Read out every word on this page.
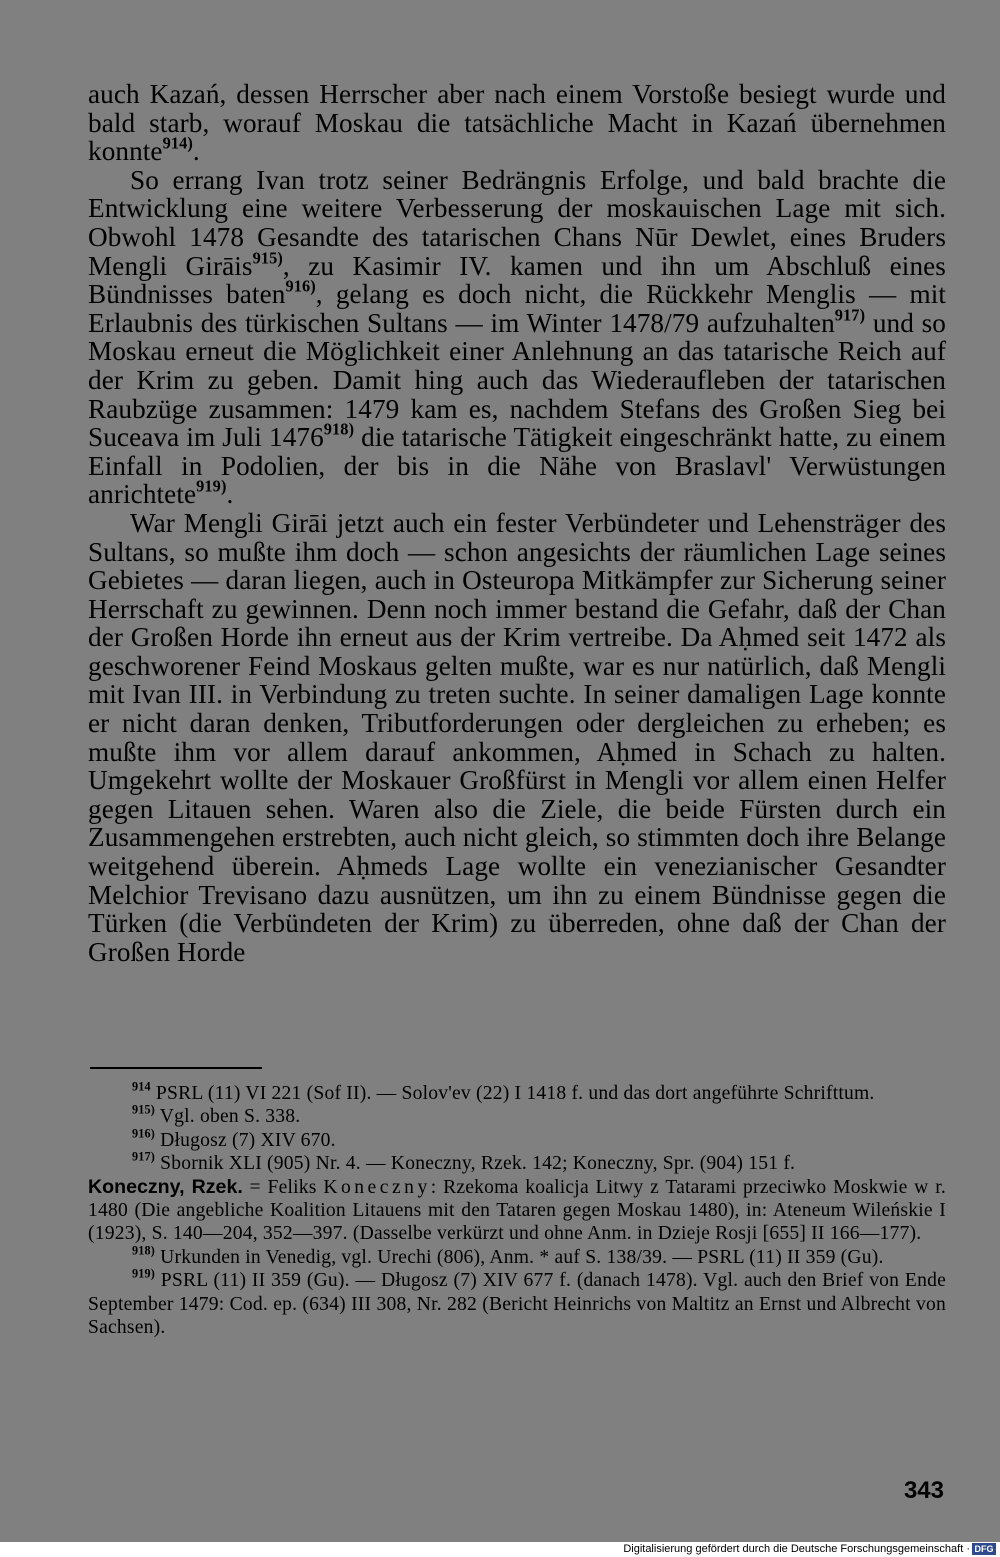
auch Kazań, dessen Herrscher aber nach einem Vorstoße besiegt wurde und bald starb, worauf Moskau die tatsächliche Macht in Kazań übernehmen konnte$^{914)}$.

So errang Ivan trotz seiner Bedrängnis Erfolge, und bald brachte die Entwicklung eine weitere Verbesserung der moskauischen Lage mit sich. Obwohl 1478 Gesandte des tatarischen Chans Nūr Dewlet, eines Bruders Mengli Girāis$^{915)}$, zu Kasimir IV. kamen und ihn um Abschluß eines Bündnisses baten$^{916)}$, gelang es doch nicht, die Rückkehr Menglis — mit Erlaubnis des türkischen Sultans — im Winter 1478/79 aufzuhalten$^{917)}$ und so Moskau erneut die Möglichkeit einer Anlehnung an das tatarische Reich auf der Krim zu geben. Damit hing auch das Wiederaufleben der tatarischen Raubzüge zusammen: 1479 kam es, nachdem Stefans des Großen Sieg bei Suceava im Juli 1476$^{918)}$ die tatarische Tätigkeit eingeschränkt hatte, zu einem Einfall in Podolien, der bis in die Nähe von Braslavl' Verwüstungen anrichtete$^{919)}$.

War Mengli Girāi jetzt auch ein fester Verbündeter und Lehensträger des Sultans, so mußte ihm doch — schon angesichts der räumlichen Lage seines Gebietes — daran liegen, auch in Osteuropa Mitkämpfer zur Sicherung seiner Herrschaft zu gewinnen. Denn noch immer bestand die Gefahr, daß der Chan der Großen Horde ihn erneut aus der Krim vertreibe. Da Aḥmed seit 1472 als geschworener Feind Moskaus gelten mußte, war es nur natürlich, daß Mengli mit Ivan III. in Verbindung zu treten suchte. In seiner damaligen Lage konnte er nicht daran denken, Tributforderungen oder dergleichen zu erheben; es mußte ihm vor allem darauf ankommen, Aḥmed in Schach zu halten. Umgekehrt wollte der Moskauer Großfürst in Mengli vor allem einen Helfer gegen Litauen sehen. Waren also die Ziele, die beide Fürsten durch ein Zusammengehen erstrebten, auch nicht gleich, so stimmten doch ihre Belange weitgehend überein. Aḥmeds Lage wollte ein venezianischer Gesandter Melchior Trevisano dazu ausnützen, um ihn zu einem Bündnisse gegen die Türken (die Verbündeten der Krim) zu überreden, ohne daß der Chan der Großen Horde

$^{914}$ PSRL (11) VI 221 (Sof II). — Solov'ev (22) I 1418 f. und das dort angeführte Schrifttum.

$^{915)}$ Vgl. oben S. 338.

$^{916)}$ Długosz (7) XIV 670.

$^{917)}$ Sbornik XLI (905) Nr. 4. — Koneczny, Rzek. 142; Koneczny, Spr. (904) 151 f.

Koneczny, Rzek. = Feliks Koneczny: Rzekoma koalicja Litwy z Tatarami przeciwko Moskwie w r. 1480 (Die angebliche Koalition Litauens mit den Tataren gegen Moskau 1480), in: Ateneum Wileńskie I (1923), S. 140—204, 352—397. (Dasselbe verkürzt und ohne Anm. in Dzieje Rosji [655] II 166—177).

$^{918)}$ Urkunden in Venedig, vgl. Urechi (806), Anm. * auf S. 138/39. — PSRL (11) II 359 (Gu).

$^{919)}$ PSRL (11) II 359 (Gu). — Długosz (7) XIV 677 f. (danach 1478). Vgl. auch den Brief von Ende September 1479: Cod. ep. (634) III 308, Nr. 282 (Bericht Heinrichs von Maltitz an Ernst und Albrecht von Sachsen).

343
Digitalisierung gefördert durch die Deutsche Forschungsgemeinschaft · DFG
